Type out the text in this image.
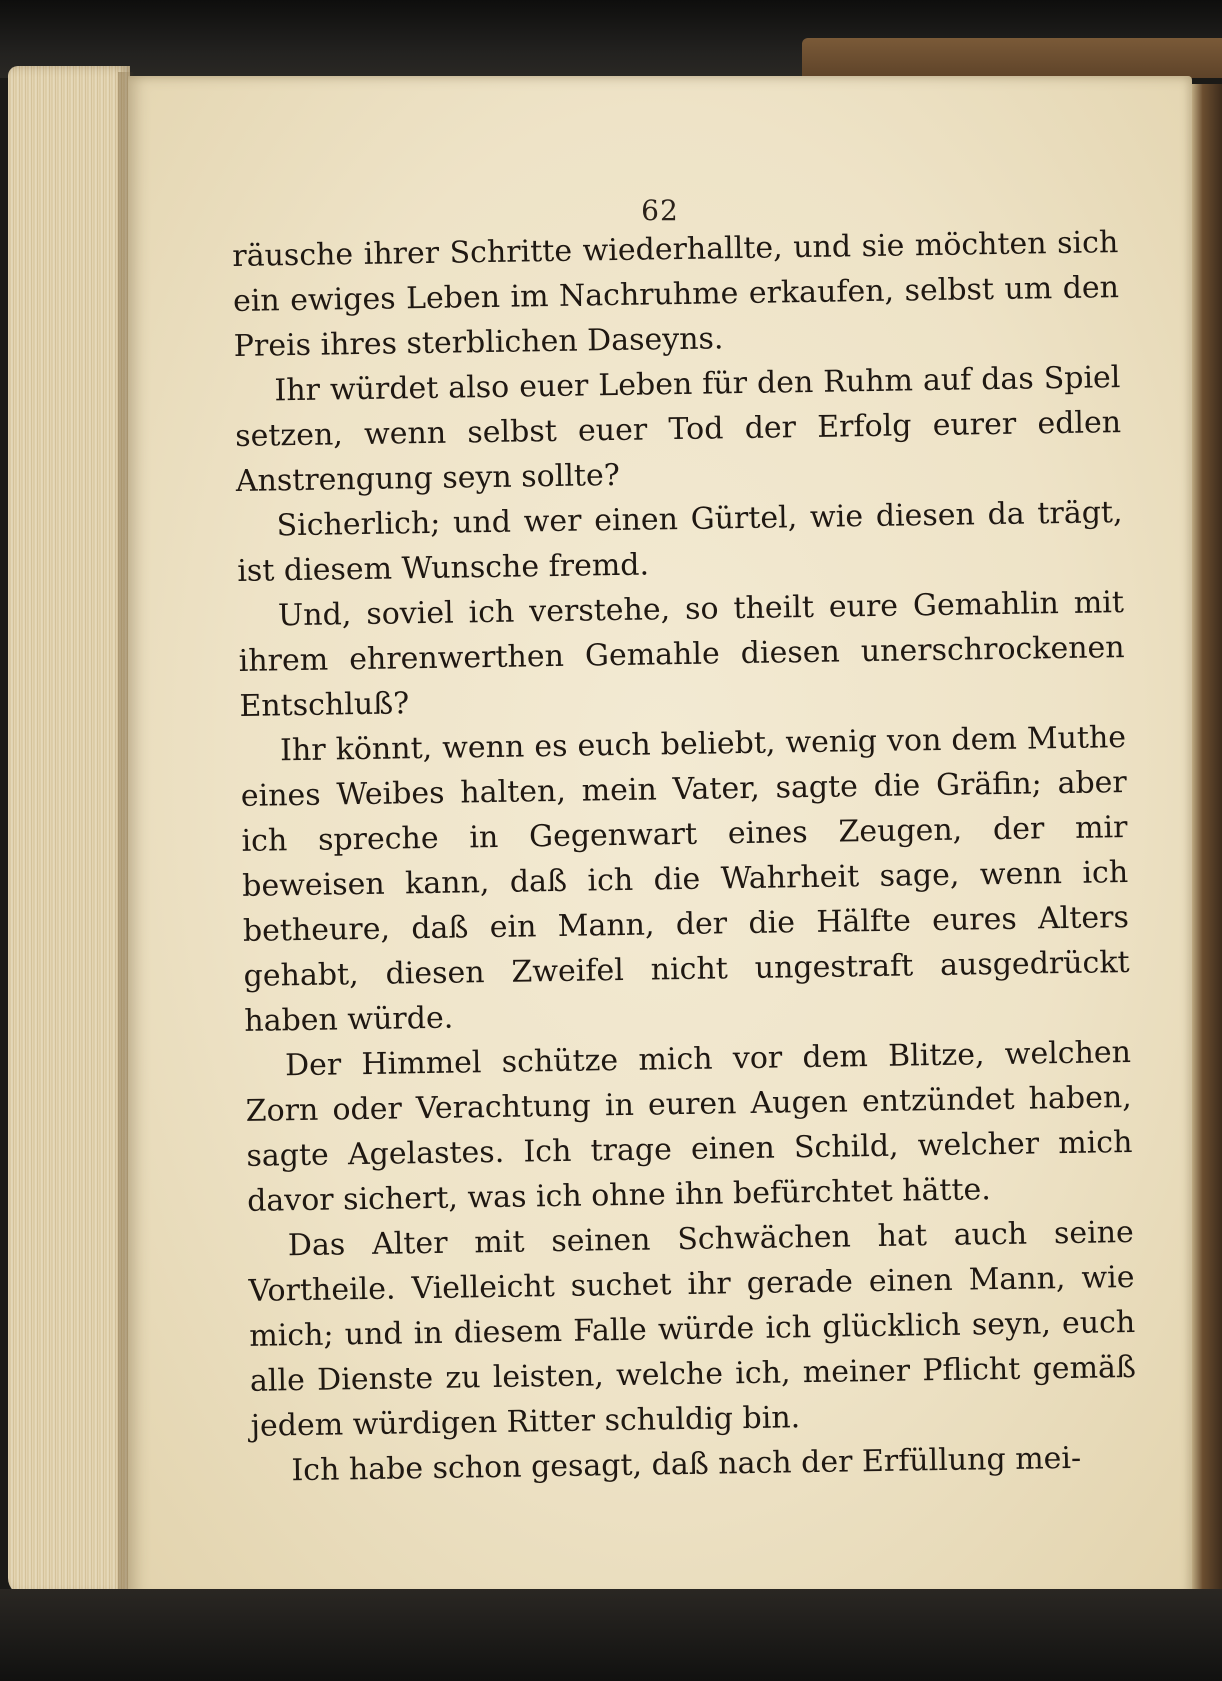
62

räusche ihrer Schritte wiederhallte, und sie möchten sich ein ewiges Leben im Nachruhme erkaufen, selbst um den Preis ihres sterblichen Daseyns.

Ihr würdet also euer Leben für den Ruhm auf das Spiel setzen, wenn selbst euer Tod der Erfolg eurer edlen Anstrengung seyn sollte?

Sicherlich; und wer einen Gürtel, wie diesen da trägt, ist diesem Wunsche fremd.

Und, soviel ich verstehe, so theilt eure Gemahlin mit ihrem ehrenwerthen Gemahle diesen unerschrockenen Entschluß?

Ihr könnt, wenn es euch beliebt, wenig von dem Muthe eines Weibes halten, mein Vater, sagte die Gräfin; aber ich spreche in Gegenwart eines Zeugen, der mir beweisen kann, daß ich die Wahrheit sage, wenn ich betheure, daß ein Mann, der die Hälfte eures Alters gehabt, diesen Zweifel nicht ungestraft ausgedrückt haben würde.

Der Himmel schütze mich vor dem Blitze, welchen Zorn oder Verachtung in euren Augen entzündet haben, sagte Agelastes. Ich trage einen Schild, welcher mich davor sichert, was ich ohne ihn befürchtet hätte.

Das Alter mit seinen Schwächen hat auch seine Vortheile. Vielleicht suchet ihr gerade einen Mann, wie mich; und in diesem Falle würde ich glücklich seyn, euch alle Dienste zu leisten, welche ich, meiner Pflicht gemäß jedem würdigen Ritter schuldig bin.

Ich habe schon gesagt, daß nach der Erfüllung mei-
